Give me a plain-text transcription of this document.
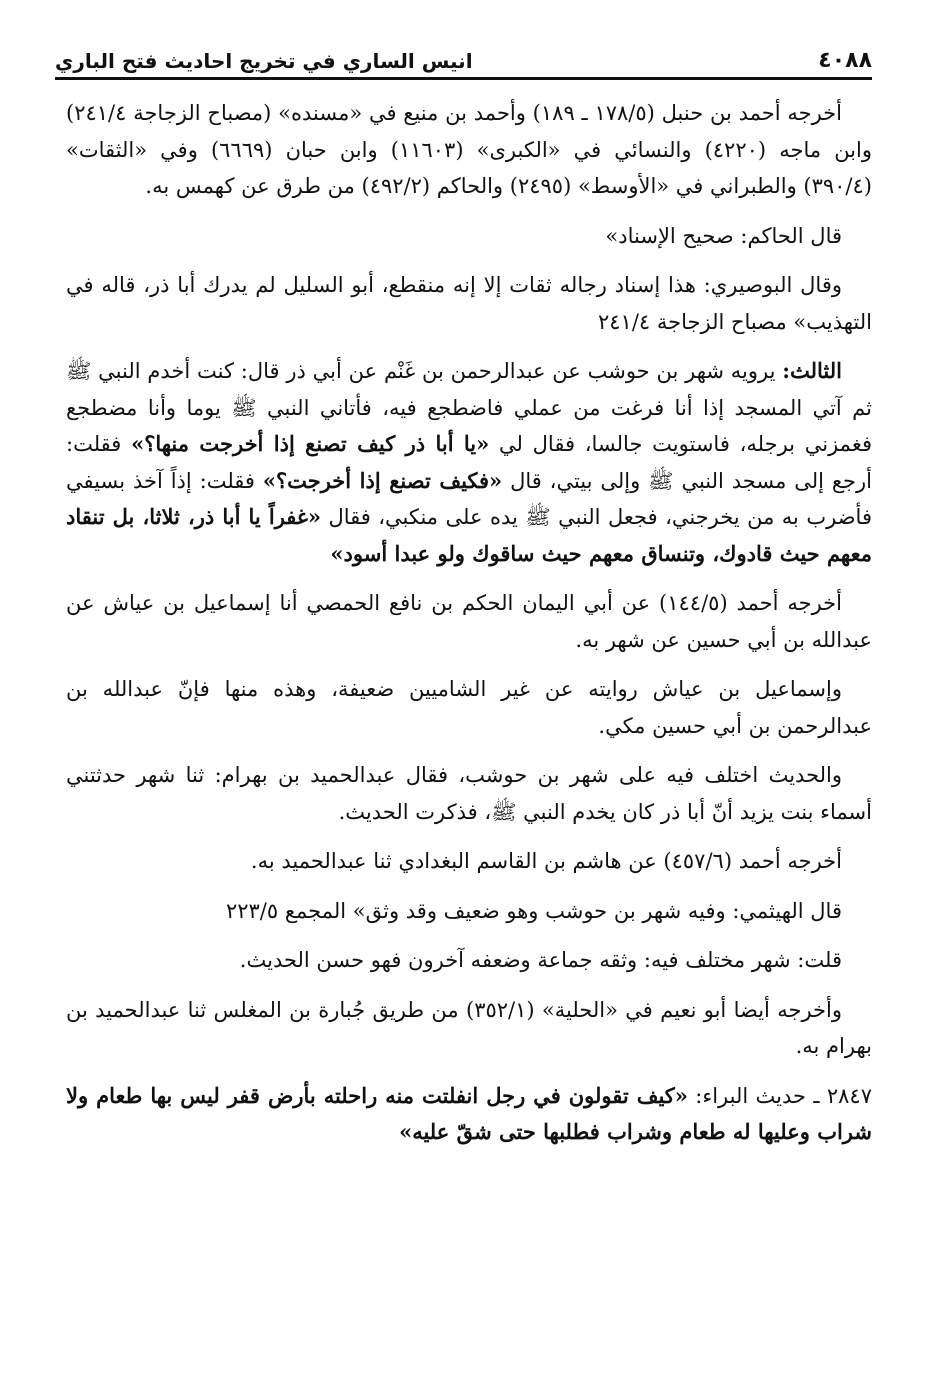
٤٠٨٨
انيس الساري في تخريج احاديث فتح الباري

أخرجه أحمد بن حنبل (١٧٨/٥ ـ ١٨٩) وأحمد بن منيع في «مسنده» (مصباح الزجاجة ٢٤١/٤) وابن ماجه (٤٢٢٠) والنسائي في «الكبرى» (١١٦٠٣) وابن حبان (٦٦٦٩) وفي «الثقات» (٣٩٠/٤) والطبراني في «الأوسط» (٢٤٩٥) والحاكم (٤٩٢/٢) من طرق عن كهمس به.

قال الحاكم: صحيح الإسناد»

وقال البوصيري: هذا إسناد رجاله ثقات إلا إنه منقطع، أبو السليل لم يدرك أبا ذر، قاله في التهذيب» مصباح الزجاجة ٢٤١/٤

الثالث: يرويه شهر بن حوشب عن عبدالرحمن بن غَنْم عن أبي ذر قال: كنت أخدم النبي ﷺ ثم آتي المسجد إذا أنا فرغت من عملي فاضطجع فيه، فأتاني النبي ﷺ يوما وأنا مضطجع فغمزني برجله، فاستويت جالسا، فقال لي «يا أبا ذر كيف تصنع إذا أخرجت منها؟» فقلت: أرجع إلى مسجد النبي ﷺ وإلى بيتي، قال «فكيف تصنع إذا أخرجت؟» فقلت: إذاً آخذ بسيفي فأضرب به من يخرجني، فجعل النبي ﷺ يده على منكبي، فقال «غفراً يا أبا ذر، ثلاثا، بل تنقاد معهم حيث قادوك، وتنساق معهم حيث ساقوك ولو عبدا أسود»

أخرجه أحمد (١٤٤/٥) عن أبي اليمان الحكم بن نافع الحمصي أنا إسماعيل بن عياش عن عبدالله بن أبي حسين عن شهر به.

وإسماعيل بن عياش روايته عن غير الشاميين ضعيفة، وهذه منها فإنّ عبدالله بن عبدالرحمن بن أبي حسين مكي.

والحديث اختلف فيه على شهر بن حوشب، فقال عبدالحميد بن بهرام: ثنا شهر حدثتني أسماء بنت يزيد أنّ أبا ذر كان يخدم النبي ﷺ، فذكرت الحديث.

أخرجه أحمد (٤٥٧/٦) عن هاشم بن القاسم البغدادي ثنا عبدالحميد به.

قال الهيثمي: وفيه شهر بن حوشب وهو ضعيف وقد وثق» المجمع ٢٢٣/٥

قلت: شهر مختلف فيه: وثقه جماعة وضعفه آخرون فهو حسن الحديث.

وأخرجه أيضا أبو نعيم في «الحلية» (٣٥٢/١) من طريق جُبارة بن المغلس ثنا عبدالحميد بن بهرام به.

٢٨٤٧ ـ حديث البراء: «كيف تقولون في رجل انفلتت منه راحلته بأرض قفر ليس بها طعام ولا شراب وعليها له طعام وشراب فطلبها حتى شقّ عليه»
